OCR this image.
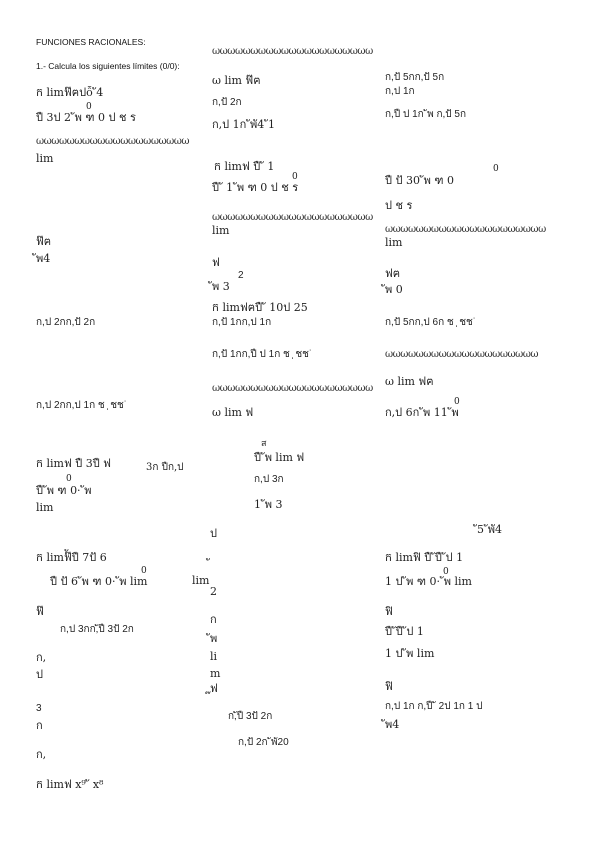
FUNCIONES RACIONALES:
1.- Calcula los siguientes límites (0/0):
ក limฟ๊ฅปỗ ั4
0
ปื 3ป 2 ัพ ฑ 0 ป ช ร
ωωωωωωωωωωωωωωωωωωωω
lim
ฟ๊ฅ
ัพ4
ก,ป 2กก,ปั 2ก
ก,ป 2กก,ป 1ก ช ̩ ชช˙
ក limฟ ปื 3ปื ฟ	3ก ปืก,ป
0
ปื ัพ ฑ 0· ัพ
lim
ក limฟ๊ัปื 7ปั 6
0
ปื ปั 6 ัพ ฑ 0· ัพ lim
ฟ๊
ก,ป 3กก,ัปื 3ปั 2ก
ก,
ป
3
ก
ก,
ក limฟ x⁹ ั x⁸
ωωωωωωωωωωωωωωωωωωωωω
ω lim ฟ๊ฅ
ก,ปั 2ก
ก,ป 1ก ัพั4 ั1
ក limฟ ปื ั 1
0
ปื ั 1 ัพ ฑ 0 ป ช ร
ωωωωωωωωωωωωωωωωωωωωω
lim
ฟ
2
ัพ 3
ក limฟฅปื ั 10ป 25
ก,ปั 1กก,ป 1ก
ก,ปั 1กก,ปื ป 1ก ช ̩ ชช˙
ωωωωωωωωωωωωωωωωωωωωω
ω lim ฟ
ส
ปื ัพ lim ฟ
ก,ป 3ก
1 ัพ 3
ป
lim
2
ก
ัพ
li
m
ฟ
ก,ัปื 3ปั 2ก
ก,ปั 2ก ัพั20
ก,ปั 5กก,ปั 5ก
ก,ป 1ก
ก,ปื ป 1ก ัพ ก,ปั 5ก
0
ปื ปั 30 ัพ ฑ 0
ป ช ร
ωωωωωωωωωωωωωωωωωωωωω
lim
ฟฅ
ัพ 0
ก,ปั 5กก,ป 6ก ช ̩ ชช˙
ωωωωωωωωωωωωωωωωωωωω
ω lim ฟฅ
0
ก,ป 6ก ัพ 11 ัพ
ั5 ัพั4
ក limฟิ ปื ัปื ัป 1
0
1 ป ัพ ฑ 0· ัพ lim
ฟิ
ปื ัปื ัป 1
1 ป ัพ lim
ฟิ
ก,ป 1ก ก,ปื ั 2ป 1ก 1 ป
ัพ4
